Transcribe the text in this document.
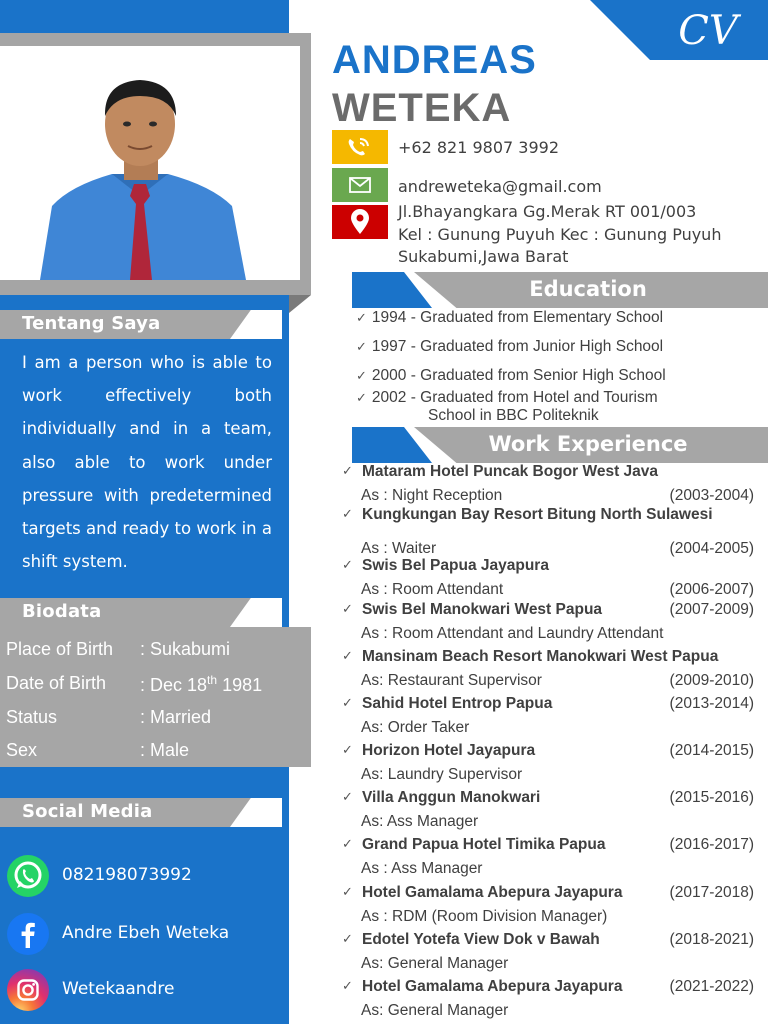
Tentang Saya
I am a person who is able to work effectively both individually and in a team, also able to work under pressure with predetermined targets and ready to work in a shift system.
Biodata
Place of Birth : Sukabumi
Date of Birth : Dec 18th 1981
Status	: Married
Sex	: Male
Social Media
082198073992
Andre Ebeh Weteka
Wetekaandre
CV
ANDREAS
WETEKA
+62 821 9807 3992
andreweteka@gmail.com
Jl.Bhayangkara Gg.Merak RT 001/003
Kel : Gunung Puyuh Kec : Gunung Puyuh
Sukabumi,Jawa Barat
Education
✓ 1994 - Graduated from Elementary School
✓ 1997 - Graduated from Junior High School
✓ 2000 - Graduated from Senior High School
✓ 2002 - Graduated from Hotel and Tourism
School in BBC Politeknik
Work Experience
✓ Mataram Hotel Puncak Bogor West Java
As : Night Reception	(2003-2004)
✓ Kungkungan Bay Resort Bitung North Sulawesi
As : Waiter	(2004-2005)
✓ Swis Bel Papua Jayapura
As : Room Attendant	(2006-2007)
✓ Swis Bel Manokwari West Papua	(2007-2009)
As : Room Attendant and Laundry Attendant
✓ Mansinam Beach Resort Manokwari West Papua
As: Restaurant Supervisor	(2009-2010)
✓ Sahid Hotel Entrop Papua	(2013-2014)
As: Order Taker
✓ Horizon Hotel Jayapura	(2014-2015)
As: Laundry Supervisor
✓ Villa Anggun Manokwari	(2015-2016)
As: Ass Manager
✓ Grand Papua Hotel Timika Papua	(2016-2017)
As : Ass Manager
✓ Hotel Gamalama Abepura Jayapura	(2017-2018)
As : RDM (Room Division Manager)
✓ Edotel Yotefa View Dok v Bawah	(2018-2021)
As: General Manager
✓ Hotel Gamalama Abepura Jayapura	(2021-2022)
As: General Manager
